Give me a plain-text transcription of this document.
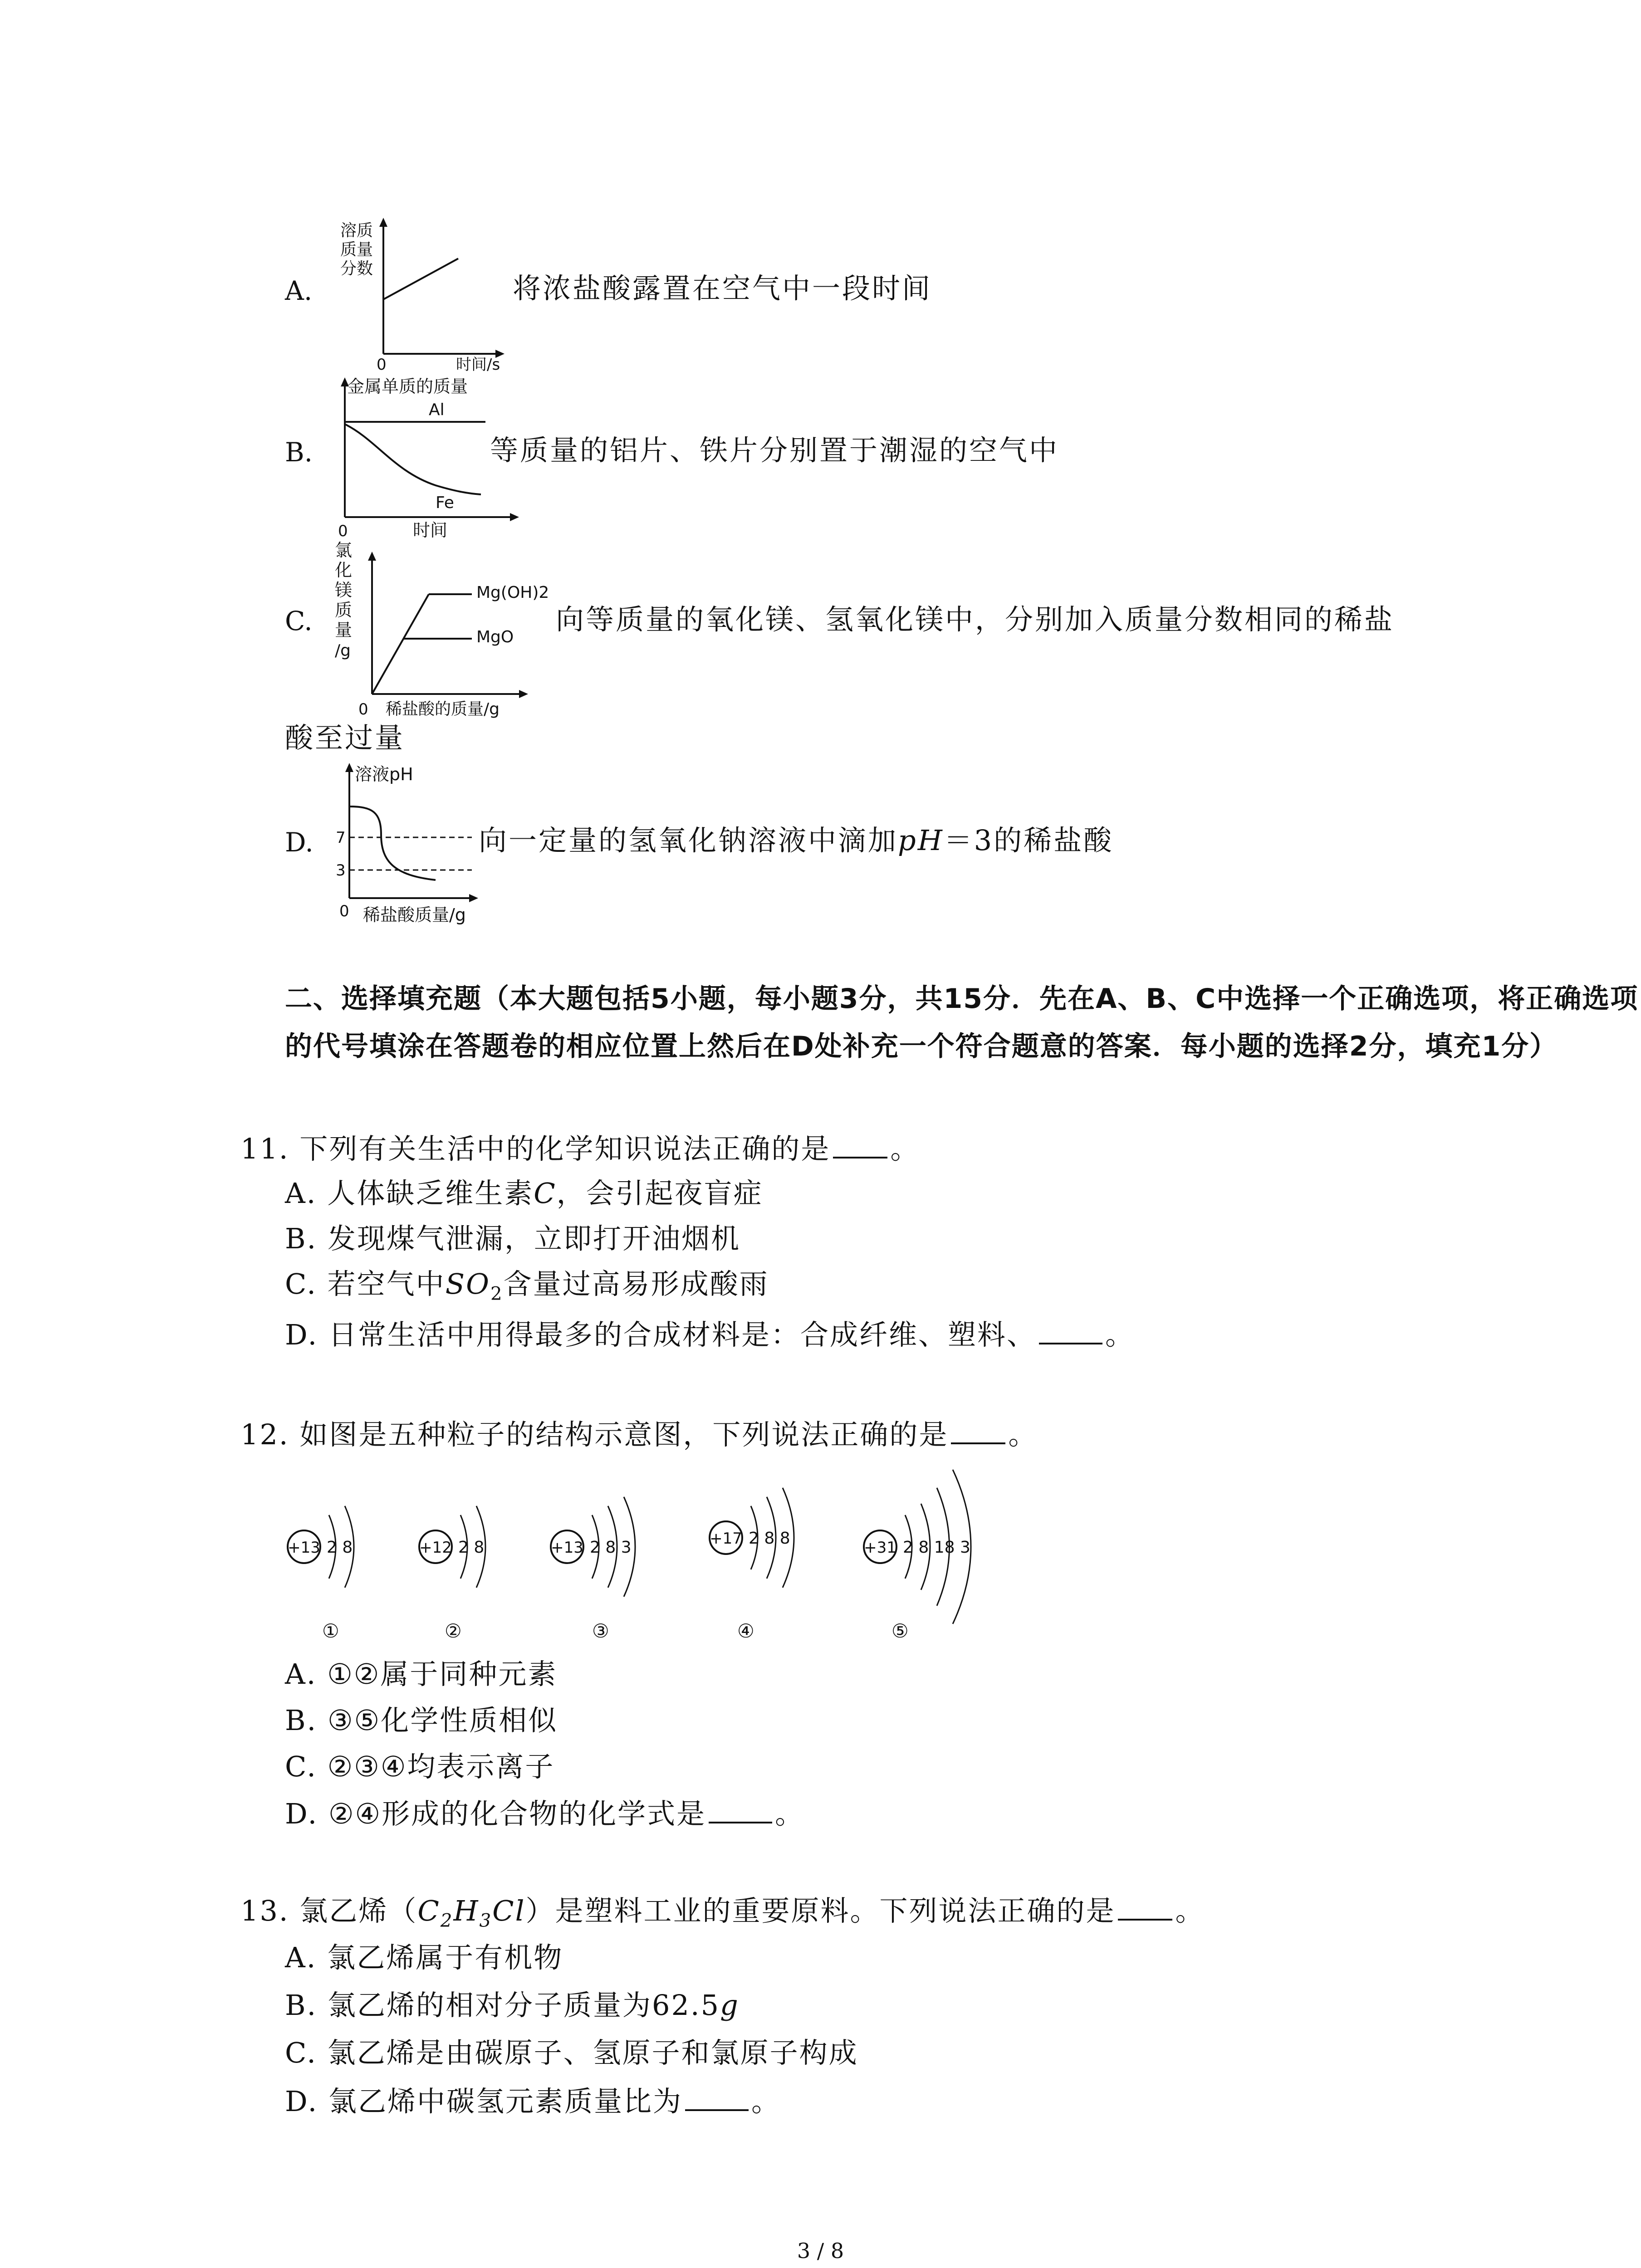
A.
溶质
质量
分数
0	时间/s
将浓盐酸露置在空气中一段时间
B.
金属单质的质量
Al
Fe
0	时间
等质量的铝片、铁片分别置于潮湿的空气中
C.
氯
化
镁
质
量
/g
Mg(OH)2
MgO
0 稀盐酸的质量/g
向等质量的氧化镁、氢氧化镁中，分别加入质量分数相同的稀盐
酸至过量
D.
溶液pH
7
3
0 稀盐酸质量/g
向一定量的氢氧化钠溶液中滴加pH＝3的稀盐酸
二、选择填充题（本大题包括5小题，每小题3分，共15分．先在A、B、C中选择一个正确选项，将正确选项的代号填涂在答题卷的相应位置上然后在D处补充一个符合题意的答案．每小题的选择2分，填充1分）
11. 下列有关生活中的化学知识说法正确的是 。
A. 人体缺乏维生素C，会引起夜盲症
B. 发现煤气泄漏，立即打开油烟机
C. 若空气中$SO_2$含量过高易形成酸雨
D. 日常生活中用得最多的合成材料是：合成纤维、塑料、 。
12. 如图是五种粒子的结构示意图，下列说法正确的是 。
+13 2 8
①
+12 2 8
②
+13 2 8 3
③
+17 2 8 8
④
+31 2 8 18 3
⑤
A. ①②属于同种元素
B. ③⑤化学性质相似
C. ②③④均表示离子
D. ②④形成的化合物的化学式是 。
13. 氯乙烯$(C_2H_3Cl)$是塑料工业的重要原料。下列说法正确的是 。
A. 氯乙烯属于有机物
B. 氯乙烯的相对分子质量为62.5g
C. 氯乙烯是由碳原子、氢原子和氯原子构成
D. 氯乙烯中碳氢元素质量比为 。
3 / 8
